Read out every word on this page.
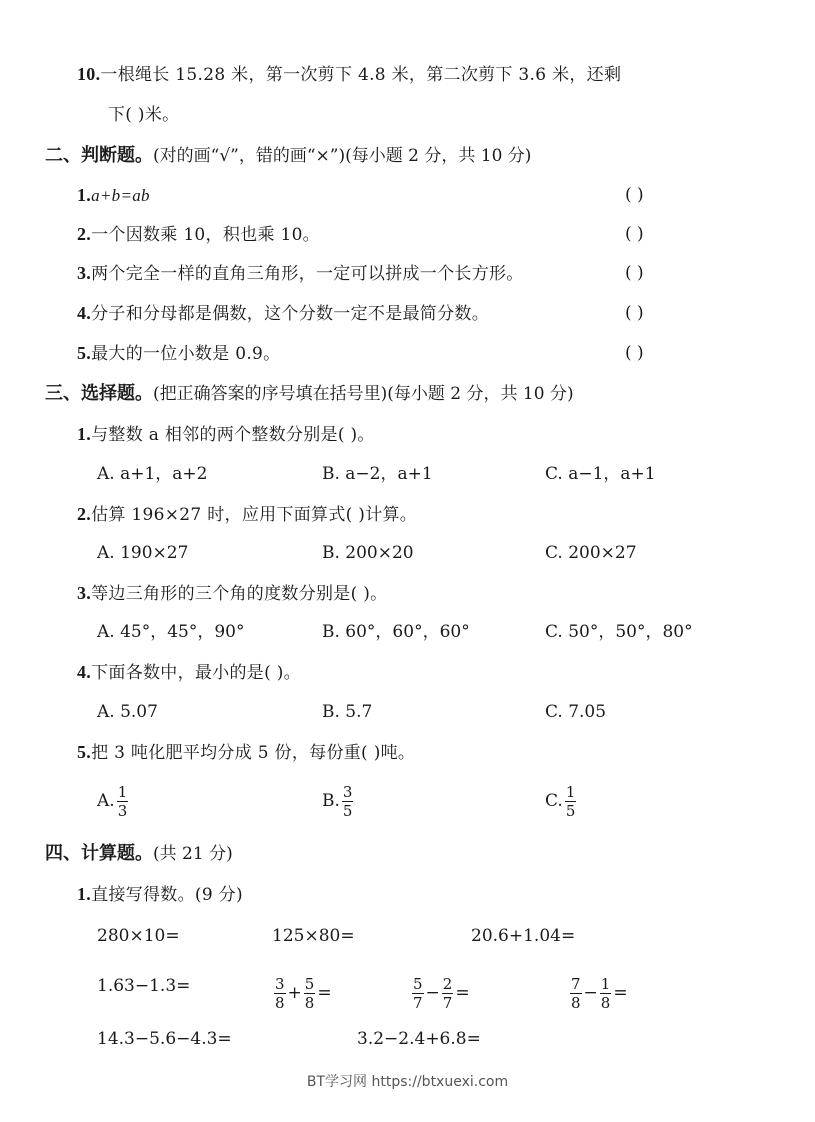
10.一根绳长 15.28 米，第一次剪下 4.8 米，第二次剪下 3.6 米，还剩
下( )米。
二、判断题。(对的画“√”，错的画“×”)(每小题 2 分，共 10 分)
1.a+b=ab	( )
2.一个因数乘 10，积也乘 10。	( )
3.两个完全一样的直角三角形，一定可以拼成一个长方形。	( )
4.分子和分母都是偶数，这个分数一定不是最简分数。	( )
5.最大的一位小数是 0.9。	( )
三、选择题。(把正确答案的序号填在括号里)(每小题 2 分，共 10 分)
1.与整数 a 相邻的两个整数分别是( )。
A. a+1，a+2	B. a−2，a+1	C. a−1，a+1
2.估算 196×27 时，应用下面算式( )计算。
A. 190×27	B. 200×20	C. 200×27
3.等边三角形的三个角的度数分别是( )。
A. 45°，45°，90°	B. 60°，60°，60°	C. 50°，50°，80°
4.下面各数中，最小的是( )。
A. 5.07	B. 5.7	C. 7.05
5.把 3 吨化肥平均分成 5 份，每份重( )吨。
A. $\frac{1}{3}$	B. $\frac{3}{5}$	C. $\frac{1}{5}$
四、计算题。(共 21 分)
1.直接写得数。(9 分)
280×10=	125×80=	20.6+1.04=
1.63−1.3=	$\frac{3}{8} + \frac{5}{8}$ =	$\frac{5}{7} - \frac{2}{7}$ =	$\frac{7}{8} - \frac{1}{8}$ =
14.3−5.6−4.3=	3.2−2.4+6.8=
BT学习网 https://btxuexi.com
